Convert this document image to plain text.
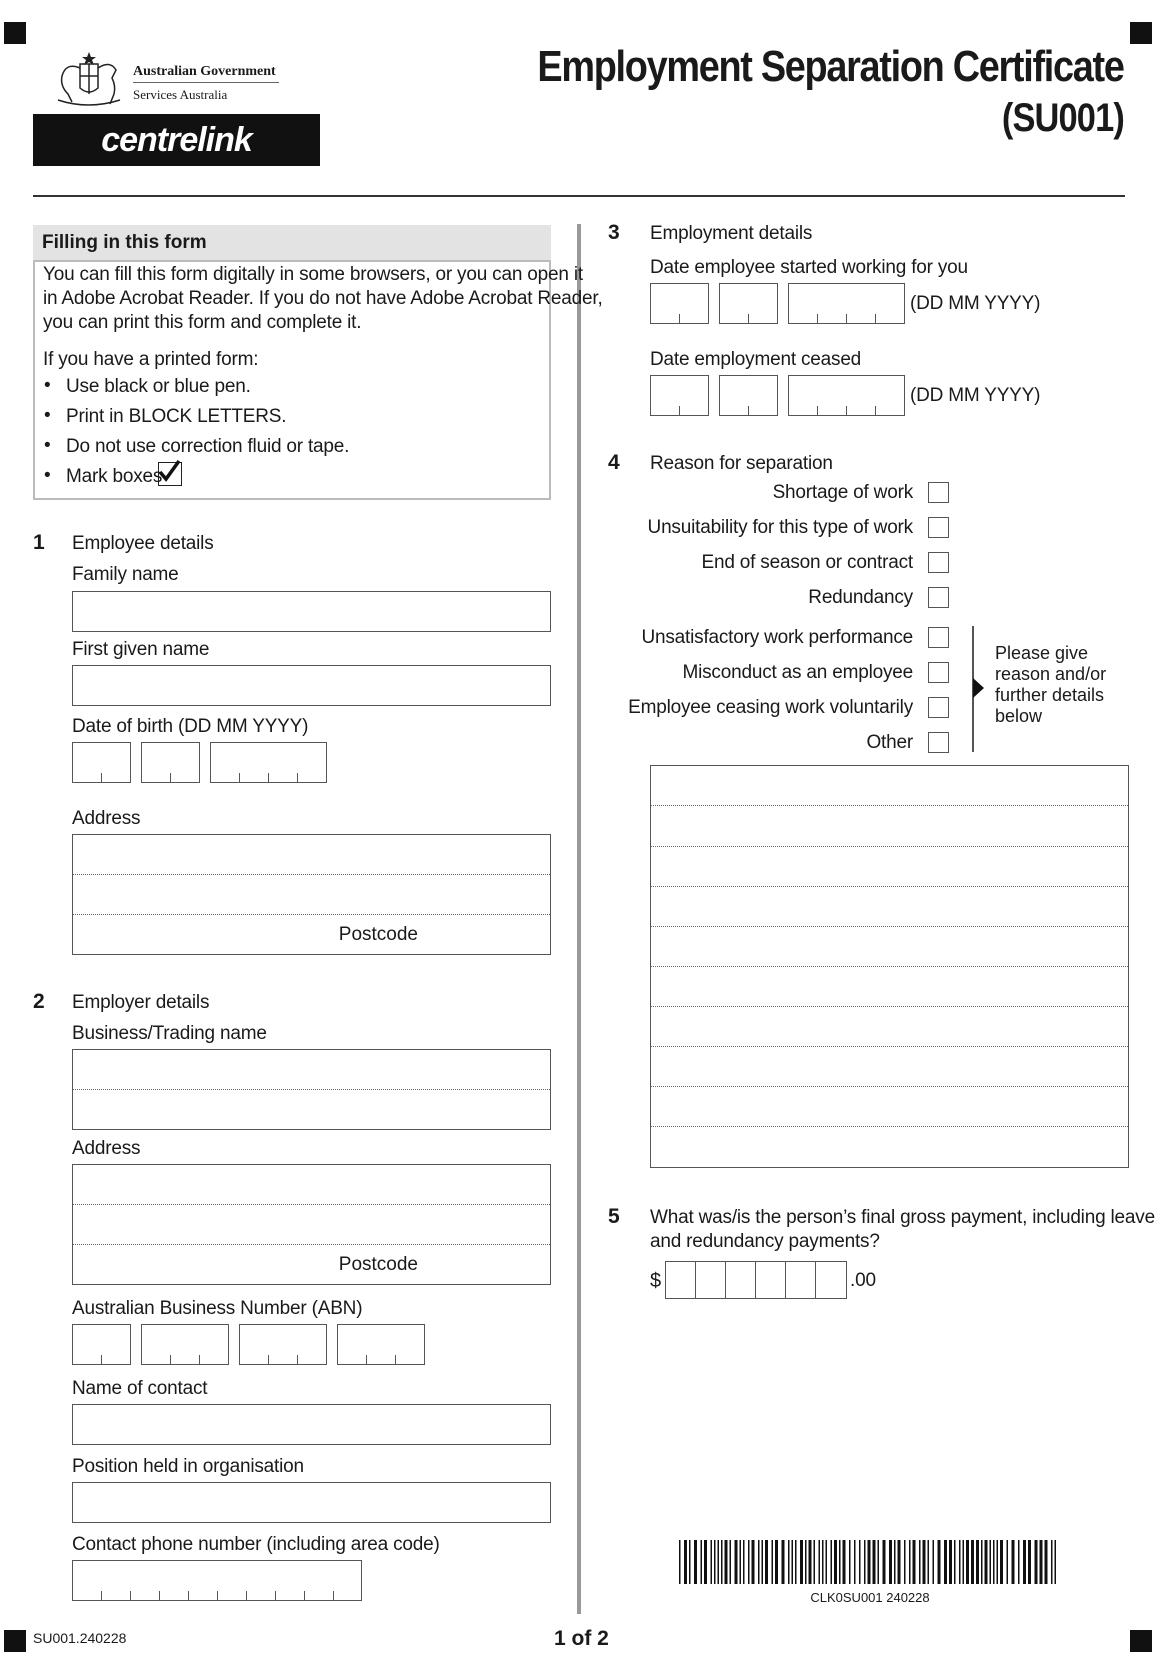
Australian Government
Services Australia
centrelink
Employment Separation Certificate
(SU001)
Filling in this form
You can fill this form digitally in some browsers, or you can open it
in Adobe Acrobat Reader. If you do not have Adobe Acrobat Reader,
you can print this form and complete it.
If you have a printed form:
• Use black or blue pen.
• Print in BLOCK LETTERS.
• Do not use correction fluid or tape.
• Mark boxes
1 Employee details
Family name
First given name
Date of birth (DD MM YYYY)
Address
Postcode
2 Employer details
Business/Trading name
Address
Postcode
Australian Business Number (ABN)
Name of contact
Position held in organisation
Contact phone number (including area code)
3 Employment details
Date employee started working for you
(DD MM YYYY)
Date employment ceased
(DD MM YYYY)
4 Reason for separation
Shortage of work
Unsuitability for this type of work
End of season or contract
Redundancy
Unsatisfactory work performance
Misconduct as an employee
Employee ceasing work voluntarily
Other
Please give
reason and/or
further details
below
5 What was/is the person’s final gross payment, including leave
and redundancy payments?
$	.00
CLK0SU001 240228
SU001.240228	1 of 2
